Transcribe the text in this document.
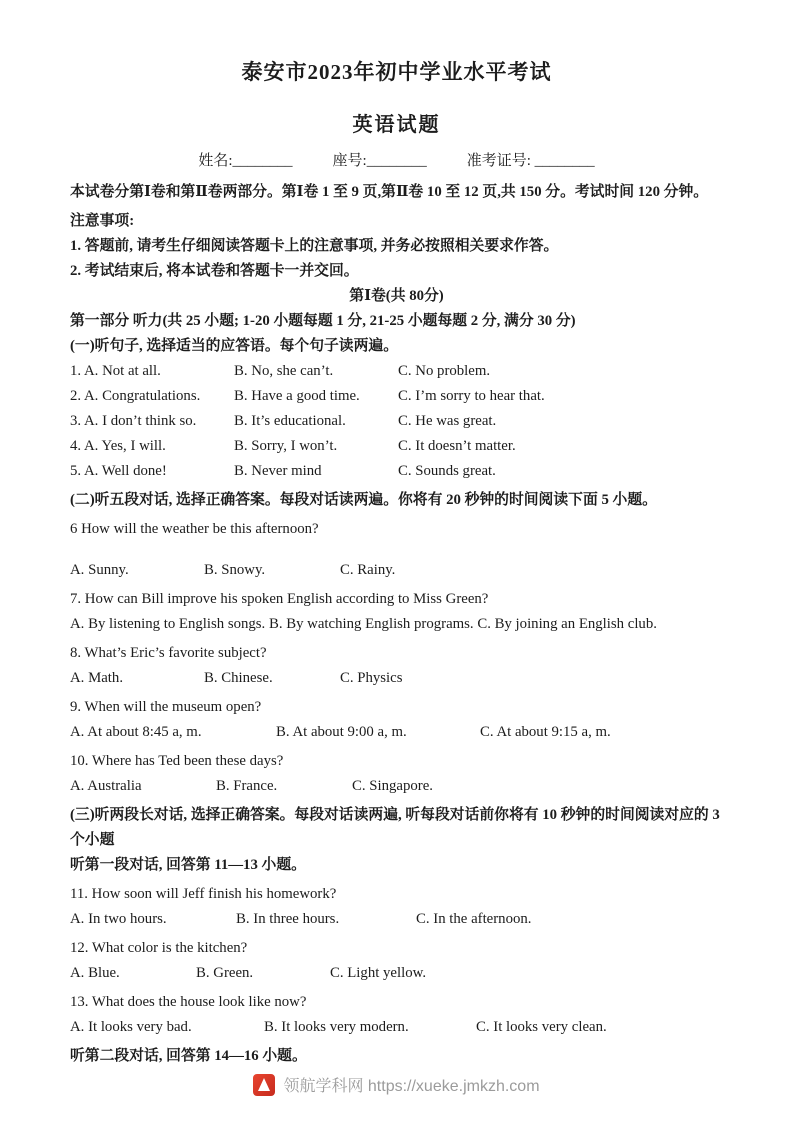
泰安市2023年初中学业水平考试
英语试题
姓名:________	座号:________	准考证号: ________

本试卷分第Ⅰ卷和第Ⅱ卷两部分。第Ⅰ卷 1 至 9 页,第Ⅱ卷 10 至 12 页,共 150 分。考试时间 120 分钟。

注意事项:

1. 答题前, 请考生仔细阅读答题卡上的注意事项, 并务必按照相关要求作答。

2. 考试结束后, 将本试卷和答题卡一并交回。

第Ⅰ卷(共 80分)

第一部分 听力(共 25 小题; 1-20 小题每题 1 分, 21-25 小题每题 2 分, 满分 30 分)

(一)听句子, 选择适当的应答语。每个句子读两遍。

1. A. Not at all.	B. No, she can’t.	C. No problem.
2. A. Congratulations.	B. Have a good time.	C. I’m sorry to hear that.
3. A. I don’t think so.	B. It’s educational.	C. He was great.
4. A. Yes, I will.	B. Sorry, I won’t.	C. It doesn’t matter.
5. A. Well done!	B. Never mind	C. Sounds great.

(二)听五段对话, 选择正确答案。每段对话读两遍。你将有 20 秒钟的时间阅读下面 5 小题。

6 How will the weather be this afternoon?

A. Sunny.	B. Snowy.	C. Rainy.

7. How can Bill improve his spoken English according to Miss Green?

A. By listening to English songs. B. By watching English programs. C. By joining an English club.

8. What’s Eric’s favorite subject?

A. Math.	B. Chinese.	C. Physics

9. When will the museum open?

A. At about 8:45 a, m.	B. At about 9:00 a, m.	C. At about 9:15 a, m.

10. Where has Ted been these days?

A. Australia	B. France.	C. Singapore.

(三)听两段长对话, 选择正确答案。每段对话读两遍, 听每段对话前你将有 10 秒钟的时间阅读对应的 3 个小题

听第一段对话, 回答第 11—13 小题。

11. How soon will Jeff finish his homework?

A. In two hours.	B. In three hours.	C. In the afternoon.

12. What color is the kitchen?

A. Blue.	B. Green.	C. Light yellow.

13. What does the house look like now?

A. It looks very bad.	B. It looks very modern.	C. It looks very clean.

听第二段对话, 回答第 14—16 小题。

领航学科网 https://xueke.jmkzh.com
